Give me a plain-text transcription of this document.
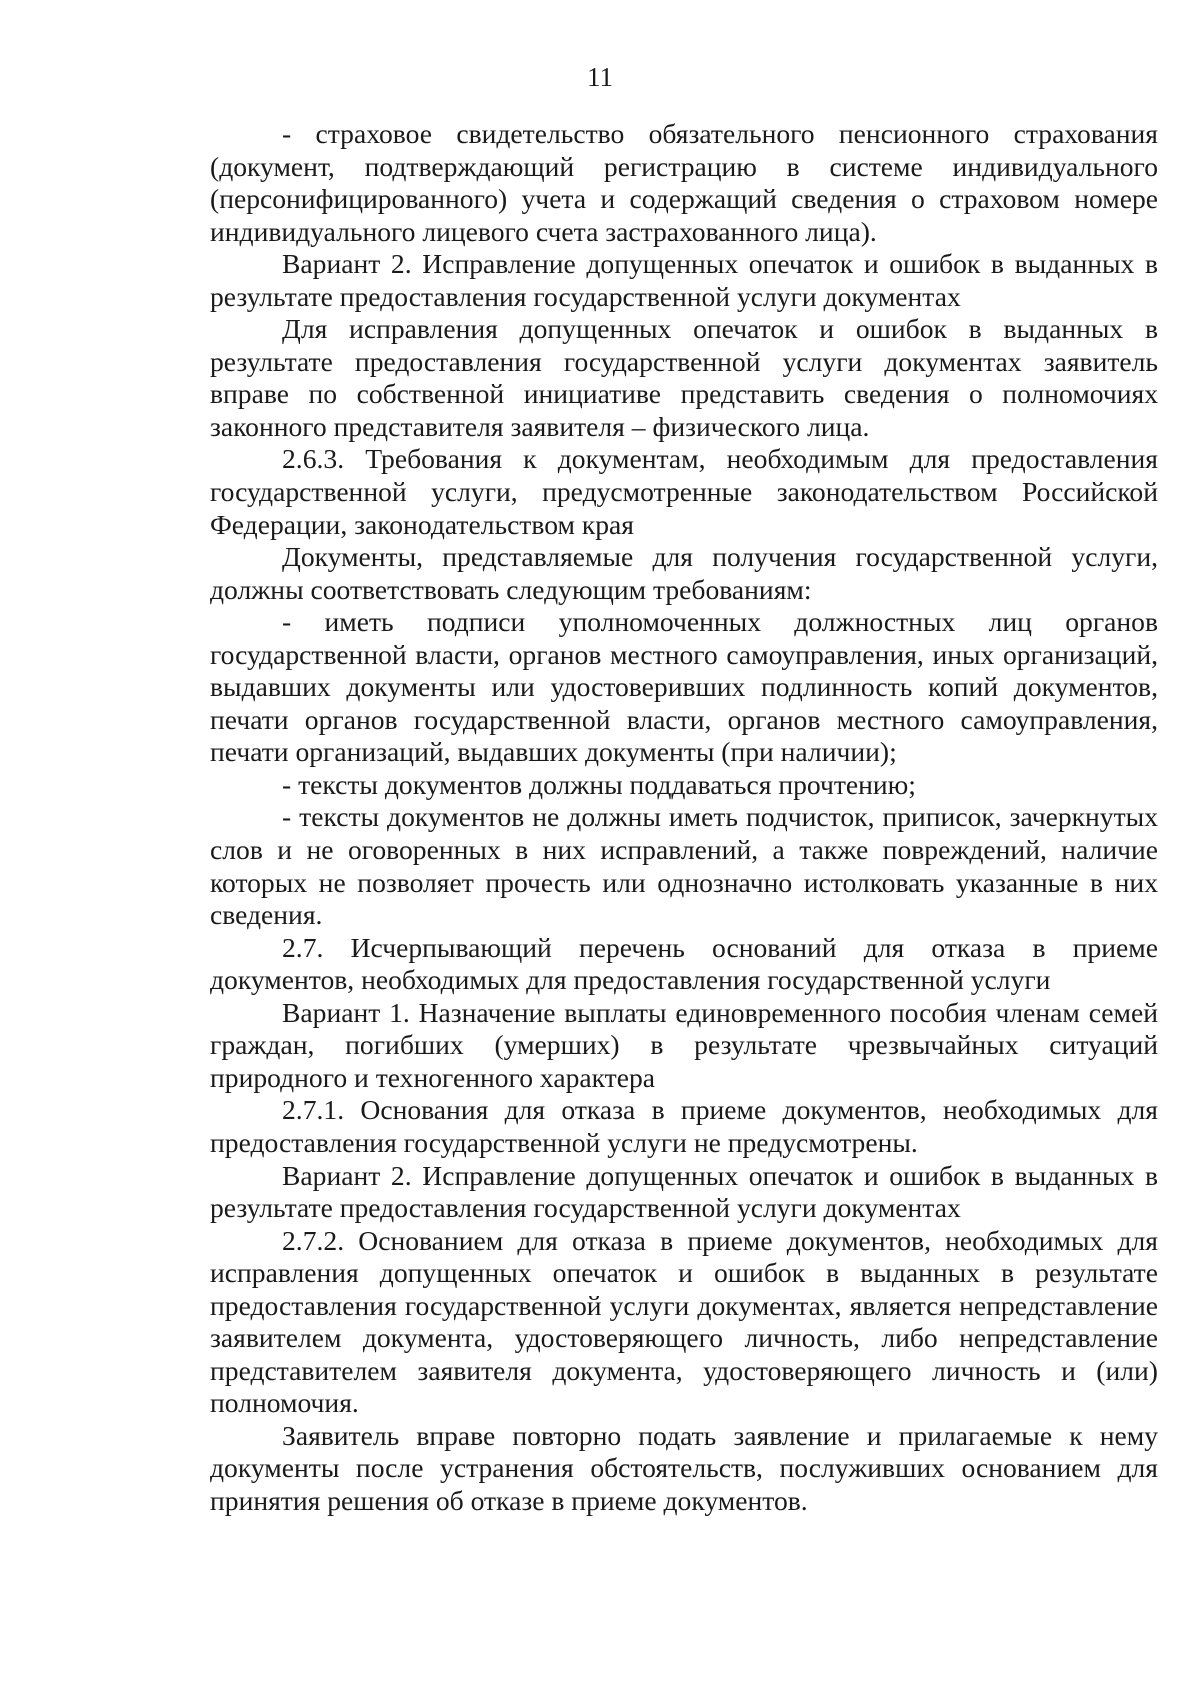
11

- страховое свидетельство обязательного пенсионного страхования (документ, подтверждающий регистрацию в системе индивидуального (персонифицированного) учета и содержащий сведения о страховом номере индивидуального лицевого счета застрахованного лица).

Вариант 2. Исправление допущенных опечаток и ошибок в выданных в результате предоставления государственной услуги документах

Для исправления допущенных опечаток и ошибок в выданных в результате предоставления государственной услуги документах заявитель вправе по собственной инициативе представить сведения о полномочиях законного представителя заявителя – физического лица.

2.6.3. Требования к документам, необходимым для предоставления государственной услуги, предусмотренные законодательством Российской Федерации, законодательством края

Документы, представляемые для получения государственной услуги, должны соответствовать следующим требованиям:

- иметь подписи уполномоченных должностных лиц органов государственной власти, органов местного самоуправления, иных организаций, выдавших документы или удостоверивших подлинность копий документов, печати органов государственной власти, органов местного самоуправления, печати организаций, выдавших документы (при наличии);

- тексты документов должны поддаваться прочтению;

- тексты документов не должны иметь подчисток, приписок, зачеркнутых слов и не оговоренных в них исправлений, а также повреждений, наличие которых не позволяет прочесть или однозначно истолковать указанные в них сведения.

2.7. Исчерпывающий перечень оснований для отказа в приеме документов, необходимых для предоставления государственной услуги

Вариант 1. Назначение выплаты единовременного пособия членам семей граждан, погибших (умерших) в результате чрезвычайных ситуаций природного и техногенного характера

2.7.1. Основания для отказа в приеме документов, необходимых для предоставления государственной услуги не предусмотрены.

Вариант 2. Исправление допущенных опечаток и ошибок в выданных в результате предоставления государственной услуги документах

2.7.2. Основанием для отказа в приеме документов, необходимых для исправления допущенных опечаток и ошибок в выданных в результате предоставления государственной услуги документах, является непредставление заявителем документа, удостоверяющего личность, либо непредставление представителем заявителя документа, удостоверяющего личность и (или) полномочия.

Заявитель вправе повторно подать заявление и прилагаемые к нему документы после устранения обстоятельств, послуживших основанием для принятия решения об отказе в приеме документов.
